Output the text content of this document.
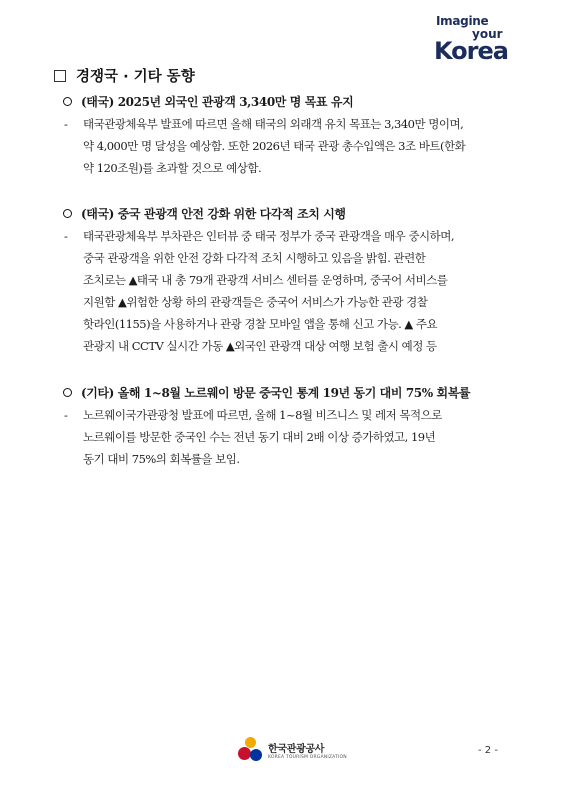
Imagine
your
Korea
경쟁국 · 기타 동향
(태국) 2025년 외국인 관광객 3,340만 명 목표 유지
- 태국관광체육부 발표에 따르면 올해 태국의 외래객 유치 목표는 3,340만 명이며,
약 4,000만 명 달성을 예상함. 또한 2026년 태국 관광 총수입액은 3조 바트(한화
약 120조원)를 초과할 것으로 예상함.
(태국) 중국 관광객 안전 강화 위한 다각적 조치 시행
- 태국관광체육부 부차관은 인터뷰 중 태국 정부가 중국 관광객을 매우 중시하며,
중국 관광객을 위한 안전 강화 다각적 조치 시행하고 있음을 밝힘. 관련한
조치로는 ▲태국 내 총 79개 관광객 서비스 센터를 운영하며, 중국어 서비스를
지원함 ▲위험한 상황 하의 관광객들은 중국어 서비스가 가능한 관광 경찰
핫라인(1155)을 사용하거나 관광 경찰 모바일 앱을 통해 신고 가능. ▲ 주요
관광지 내 CCTV 실시간 가동 ▲외국인 관광객 대상 여행 보험 출시 예정 등
(기타) 올해 1~8월 노르웨이 방문 중국인 통계 19년 동기 대비 75% 회복률
- 노르웨이국가관광청 발표에 따르면, 올해 1~8월 비즈니스 및 레저 목적으로
노르웨이를 방문한 중국인 수는 전년 동기 대비 2배 이상 증가하였고, 19년
동기 대비 75%의 회복률을 보임.
한국관광공사
KOREA TOURISM ORGANIZATION
- 2 -
